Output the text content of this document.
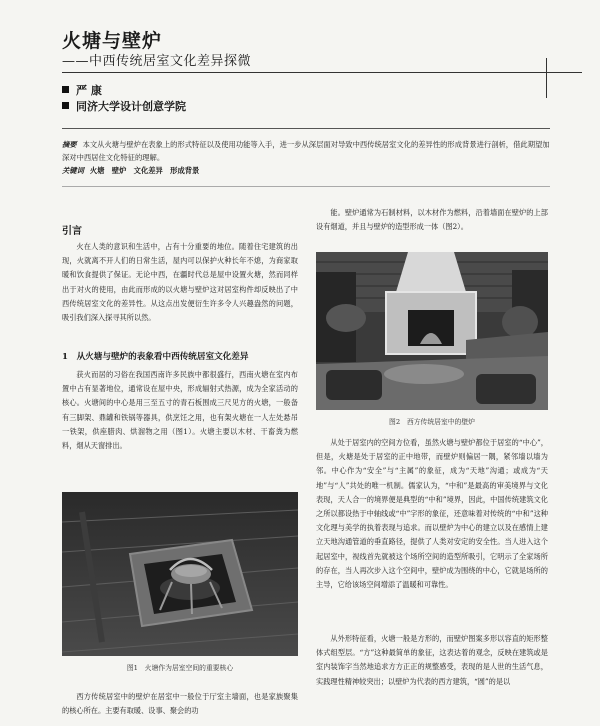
火塘与壁炉
——中西传统居室文化差异探微
严 康
同济大学设计创意学院
摘要 本文从火塘与壁炉在表象上的形式特征以及使用功能等入手，进一步从深层面对导致中西传统居室文化的差异性的形成背景进行剖析，借此期望加深对中西居住文化特征的理解。
关键词 火塘　壁炉　文化差异　形成背景
引言

火在人类的意识和生活中，占有十分重要的地位。随着住宅建筑的出现，火就离不开人们的日常生活，屋内可以保护火种长年不熄，为商家取暖和饮食提供了保证。无论中西，在疆时代总是屋中设置火塘，然而同样出于对火的使用，由此而形成的以火塘与壁炉这对居室构件却反映出了中西传统居室文化的差异性。从这点出发便衍生许多令人兴趣盎然的问题，吸引我们深入探寻其所以然。

1　从火塘与壁炉的表象看中西传统居室文化差异

获火而居的习俗在我国西南许多民族中都很盛行，西南火塘在室内布置中占有显著地位，通常设在屋中央，形成辐射式热源，成为全家活动的核心。火塘间的中心是用三至五寸的青石板围成三尺见方的火塘，一般备有三脚架、鼎罐和铁锅等器具，供烹饪之用，也有架火塘在一人左处悬吊一铁架，供座腊肉、烘溜物之用（图1）。火塘主要以木材、干畜粪为燃料，烟从天窗排出。

图1　火塘作为居室空间的重要核心

西方传统居室中的壁炉在居室中一般位于厅室主墙面，也是家族聚集的核心所在。主要有取暖、设事、聚会的功

能。壁炉通常为石制材料，以木材作为燃料，沿着墙面在壁炉的上部设有烟道，并且与壁炉的造型形成一体（图2）。

图2　西方传统居室中的壁炉

从处于居室内的空间方位看，虽然火塘与壁炉都位于居室的“中心”，但是，火塘是处于居室的正中地带，而壁炉则偏居一隅，紧邻墙以墙为邻。中心作为“安全”与“主属”的象征，成为“天地”沟通；或成为“天地”与“人”共处的唯一机制。儒家认为，“中和”是最高的审美境界与文化表现，天人合一的境界便是典型的“中和”境界，因此，中国传统建筑文化之所以都设热于中轴线或“中”字形的象征，还意味着对传统的“中和”这种文化理与美学的执着表现与追求。而以壁炉为中心的建立以及在感情上建立天地沟通管道的垂直路径，提供了人类对安定的安全性。当人进入这个起居室中，视线首先就被这个场所空间的造型所吸引，它明示了全家场所的存在，当人再次步入这个空间中，壁炉成为围绕的中心，它就是场所的主导，它给该场空间增添了温暖和可靠性。

从外形特征看，火塘一般是方形的，而壁炉图案多形以容直的矩形整体式组型层。“方”这种最简单的象征，这表达着的观念，反映在建筑或是室内装饰字当然地追求方方正正的规整感受，表现的是人世的生活气息，实践理性精神较突出；以壁炉为代表的西方建筑，“圆”的是以
